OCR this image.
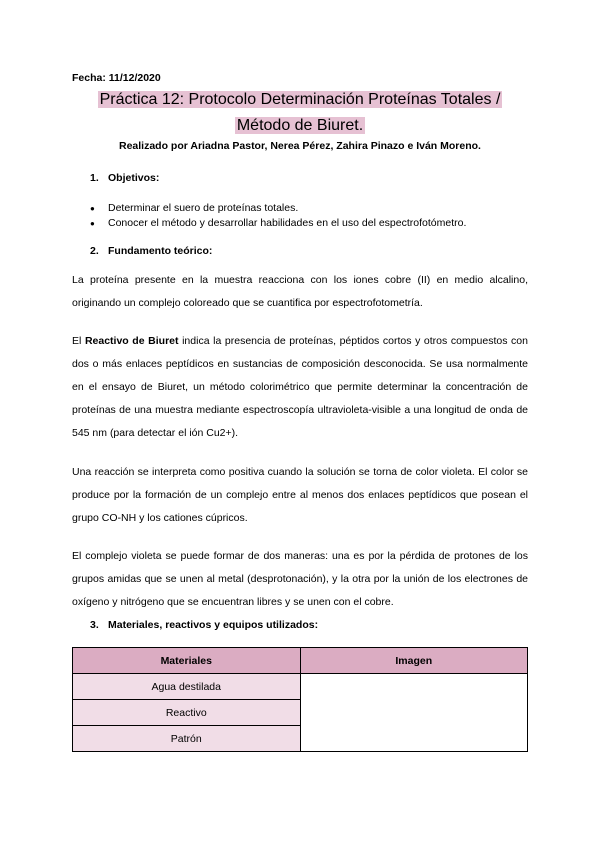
Fecha: 11/12/2020
Práctica 12: Protocolo Determinación Proteínas Totales /
Método de Biuret.
Realizado por Ariadna Pastor, Nerea Pérez, Zahira Pinazo e Iván Moreno.
1. Objetivos:
● Determinar el suero de proteínas totales.
● Conocer el método y desarrollar habilidades en el uso del espectrofotómetro.
2. Fundamento teórico:
La proteína presente en la muestra reacciona con los iones cobre (II) en medio alcalino, originando un complejo coloreado que se cuantifica por espectrofotometría.
El Reactivo de Biuret indica la presencia de proteínas, péptidos cortos y otros compuestos con dos o más enlaces peptídicos en sustancias de composición desconocida. Se usa normalmente en el ensayo de Biuret, un método colorimétrico que permite determinar la concentración de proteínas de una muestra mediante espectroscopía ultravioleta-visible a una longitud de onda de 545 nm (para detectar el ión Cu2+).
Una reacción se interpreta como positiva cuando la solución se torna de color violeta. El color se produce por la formación de un complejo entre al menos dos enlaces peptídicos que posean el grupo CO-NH y los cationes cúpricos.
El complejo violeta se puede formar de dos maneras: una es por la pérdida de protones de los grupos amidas que se unen al metal (desprotonación), y la otra por la unión de los electrones de oxígeno y nitrógeno que se encuentran libres y se unen con el cobre.
3. Materiales, reactivos y equipos utilizados:
Materiales	Imagen
Agua destilada	
Reactivo	
Patrón	
